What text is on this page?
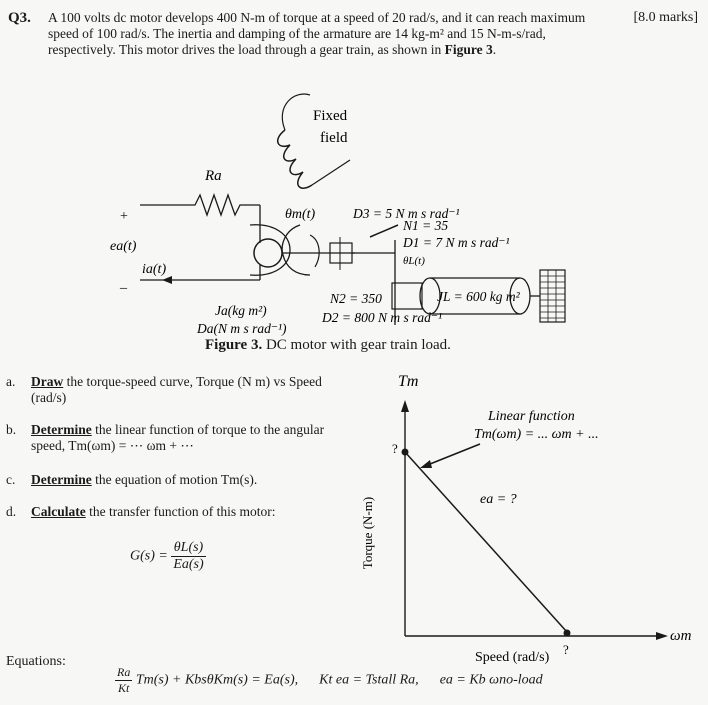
Q3. A 100 volts dc motor develops 400 N-m of torque at a speed of 20 rad/s, and it can reach maximum speed of 100 rad/s. The inertia and damping of the armature are 14 kg-m² and 15 N-m-s/rad, respectively. This motor drives the load through a gear train, as shown in Figure 3.
[8.0 marks]
Fixed
field
Ra
+
_
ea(t)
ia(t)
θm(t)	D3 = 5 N m s rad⁻¹
N1 = 35
D1 = 7 N m s rad⁻¹
θL(t)
N2 = 350	JL = 600 kg m²
Ja(kg m²)
Da(N m s rad⁻¹)
D2 = 800 N m s rad⁻¹
Figure 3. DC motor with gear train load.
a. Draw the torque-speed curve, Torque (N m) vs Speed (rad/s)
b. Determine the linear function of torque to the angular speed, Tm(ωm) = ⋯ ωm + ⋯
c. Determine the equation of motion Tm(s).
d. Calculate the transfer function of this motor:
$G(s) = \frac{\theta L(s)}{Ea(s)}$
Tm
ωm
?
?
Linear function
Tm(ωm) = ... ωm + ...
ea = ?
Torque (N-m)
Speed (rad/s)
Equations:
$\frac{Ra}{Kt} Tm(s) + Kbs\theta Km(s) = Ea(s)$, Kt ea = Tstall Ra, ea = Kb ωno-load
